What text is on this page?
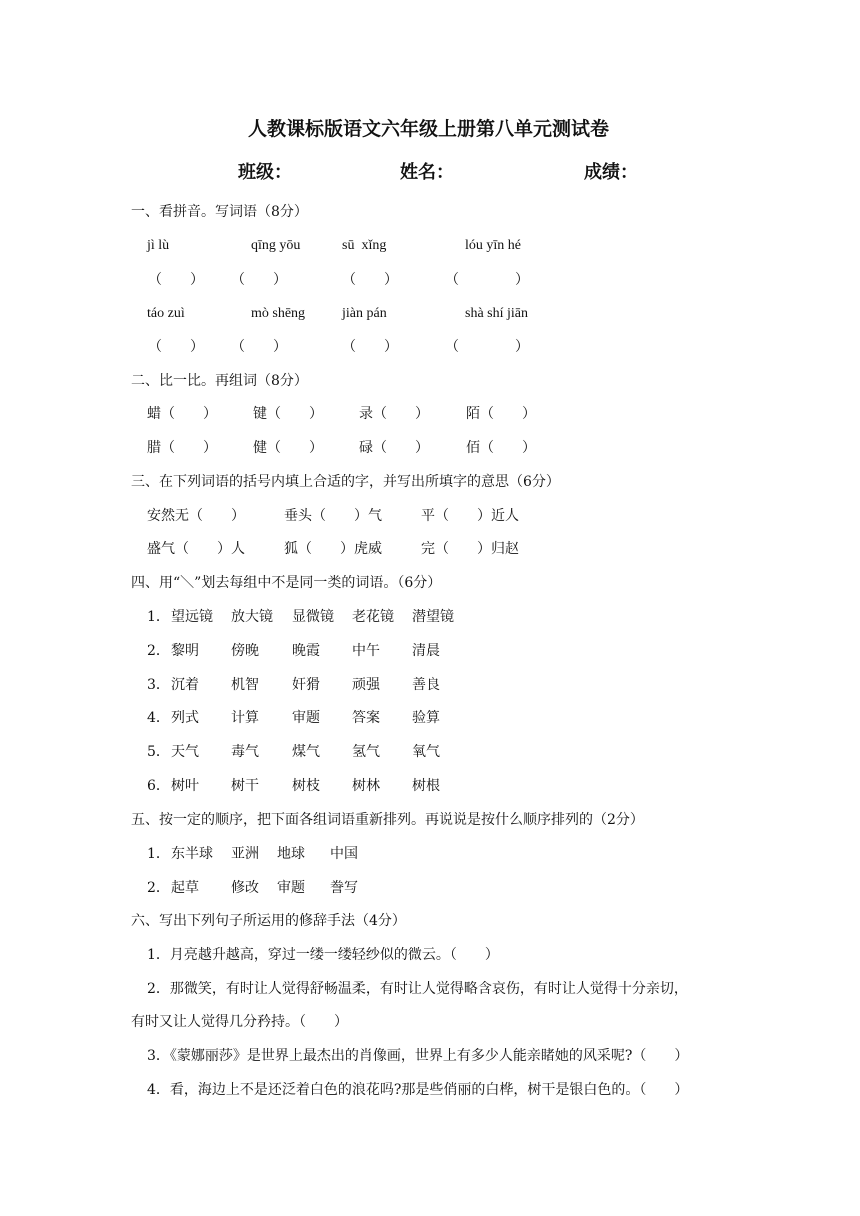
人教课标版语文六年级上册第八单元测试卷
班级：	姓名：	成绩：
一、看拼音。写词语（8分）
jì lù	qīng yōu	sū  xǐng	lóu yīn hé
（　　） （　　）	（　　）	（　　　　）
táo zuì	mò shēng	jiàn pán	shà shí jiān
（　　） （　　）	（　　）	（　　　　）
二、比一比。再组词（8分）
蜡（　　）	键（　　）	录（　　）	陌（　　）
腊（　　）	健（　　）	碌（　　）	佰（　　）
三、在下列词语的括号内填上合适的字，并写出所填字的意思（6分）
安然无（　　）	垂头（　　）气	平（　　）近人
盛气（　　）人	狐（　　）虎威	完（　　）归赵
四、用“＼”划去每组中不是同一类的词语。（6分）
1． 望远镜 放大镜 显微镜 老花镜 潜望镜
2． 黎明 傍晚 晚霞 中午 清晨
3． 沉着 机智 奸猾 顽强 善良
4． 列式 计算 审题 答案 验算
5． 天气 毒气 煤气 氢气 氧气
6． 树叶 树干 树枝 树林 树根
五、按一定的顺序，把下面各组词语重新排列。再说说是按什么顺序排列的（2分）
1． 东半球 亚洲 地球 中国
2． 起草 修改 审题 誊写
六、写出下列句子所运用的修辞手法（4分）
1．月亮越升越高，穿过一缕一缕轻纱似的微云。（　　）
2．那微笑，有时让人觉得舒畅温柔，有时让人觉得略含哀伤，有时让人觉得十分亲切，
有时又让人觉得几分矜持。（　　）
3．《蒙娜丽莎》是世界上最杰出的肖像画，世界上有多少人能亲睹她的风采呢?（　　）
4．看，海边上不是还泛着白色的浪花吗?那是些俏丽的白桦，树干是银白色的。（　　）
